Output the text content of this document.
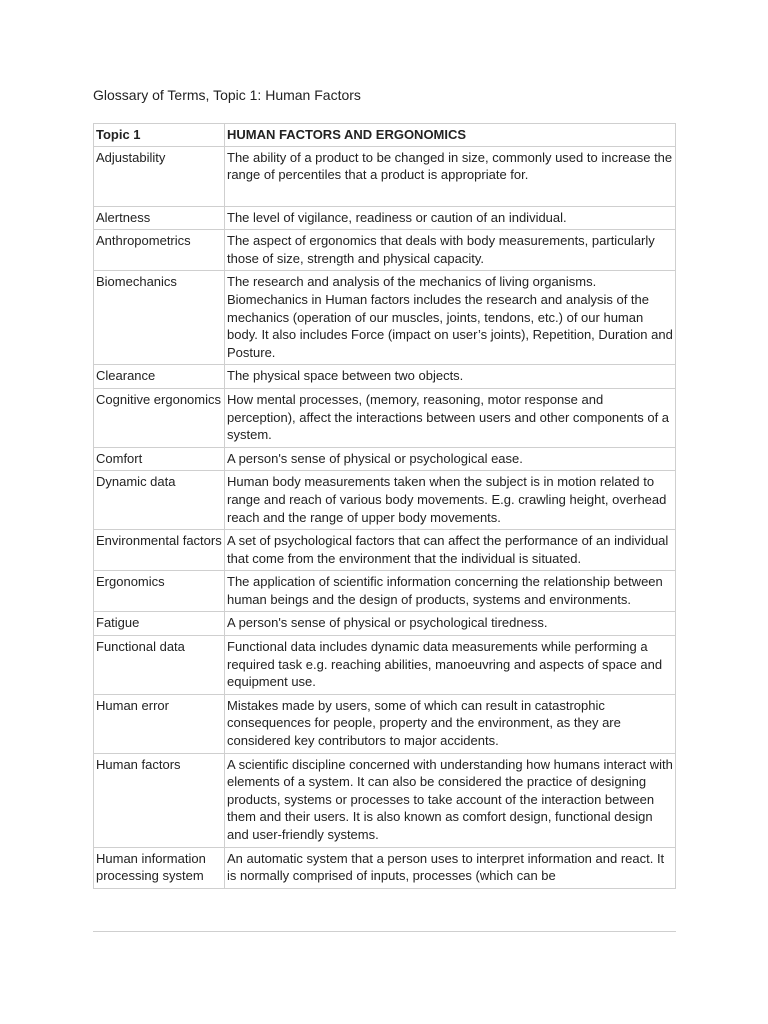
Glossary of Terms, Topic 1: Human Factors
Topic 1	HUMAN FACTORS AND ERGONOMICS
Adjustability	The ability of a product to be changed in size, commonly used to increase the range of percentiles that a product is appropriate for.
Alertness	The level of vigilance, readiness or caution of an individual.
Anthropometrics	The aspect of ergonomics that deals with body measurements, particularly those of size, strength and physical capacity.
Biomechanics	The research and analysis of the mechanics of living organisms. Biomechanics in Human factors includes the research and analysis of the mechanics (operation of our muscles, joints, tendons, etc.) of our human body. It also includes Force (impact on user’s joints), Repetition, Duration and Posture.
Clearance	The physical space between two objects.
Cognitive ergonomics	How mental processes, (memory, reasoning, motor response and perception), affect the interactions between users and other components of a system.
Comfort	A person's sense of physical or psychological ease.
Dynamic data	Human body measurements taken when the subject is in motion related to range and reach of various body movements. E.g. crawling height, overhead reach and the range of upper body movements.
Environmental factors	A set of psychological factors that can affect the performance of an individual that come from the environment that the individual is situated.
Ergonomics	The application of scientific information concerning the relationship between human beings and the design of products, systems and environments.
Fatigue	A person's sense of physical or psychological tiredness.
Functional data	Functional data includes dynamic data measurements while performing a required task e.g. reaching abilities, manoeuvring and aspects of space and equipment use.
Human error	Mistakes made by users, some of which can result in catastrophic consequences for people, property and the environment, as they are considered key contributors to major accidents.
Human factors	A scientific discipline concerned with understanding how humans interact with elements of a system. It can also be considered the practice of designing products, systems or processes to take account of the interaction between them and their users. It is also known as comfort design, functional design and user-friendly systems.
Human information processing system	An automatic system that a person uses to interpret information and react. It is normally comprised of inputs, processes (which can be
